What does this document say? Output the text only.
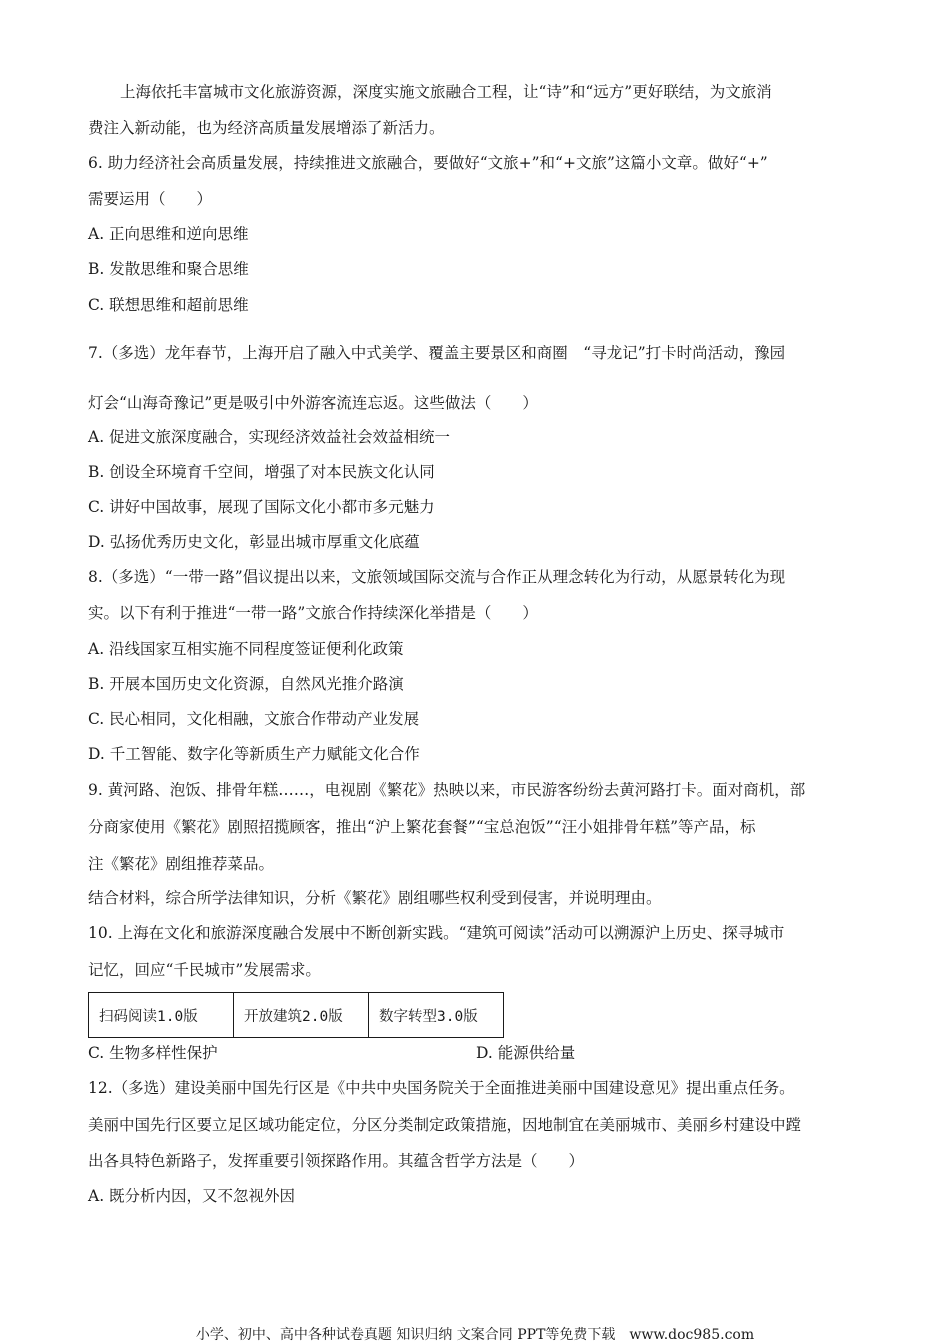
上海依托丰富城市文化旅游资源，深度实施文旅融合工程，让“诗”和“远方”更好联结，为文旅消
费注入新动能，也为经济高质量发展增添了新活力。
6. 助力经济社会高质量发展，持续推进文旅融合，要做好“文旅+”和“+文旅”这篇小文章。做好“+”
需要运用（　　）
A. 正向思维和逆向思维
B. 发散思维和聚合思维
C. 联想思维和超前思维
7.（多选）龙年春节，上海开启了融入中式美学、覆盖主要景区和商圈　“寻龙记”打卡时尚活动，豫园
灯会“山海奇豫记”更是吸引中外游客流连忘返。这些做法（　　）
A. 促进文旅深度融合，实现经济效益社会效益相统一
B. 创设全环境育千空间，增强了对本民族文化认同
C. 讲好中国故事，展现了国际文化小都市多元魅力
D. 弘扬优秀历史文化，彰显出城市厚重文化底蕴
8.（多选）“一带一路”倡议提出以来，文旅领域国际交流与合作正从理念转化为行动，从愿景转化为现
实。以下有利于推进“一带一路”文旅合作持续深化举措是（　　）
A. 沿线国家互相实施不同程度签证便利化政策
B. 开展本国历史文化资源，自然风光推介路演
C. 民心相同，文化相融，文旅合作带动产业发展
D. 千工智能、数字化等新质生产力赋能文化合作
9. 黄河路、泡饭、排骨年糕……，电视剧《繁花》热映以来，市民游客纷纷去黄河路打卡。面对商机，部
分商家使用《繁花》剧照招揽顾客，推出“沪上繁花套餐”“宝总泡饭”“汪小姐排骨年糕”等产品，标
注《繁花》剧组推荐菜品。
结合材料，综合所学法律知识，分析《繁花》剧组哪些权利受到侵害，并说明理由。
10. 上海在文化和旅游深度融合发展中不断创新实践。“建筑可阅读”活动可以溯源沪上历史、探寻城市
记忆，回应“千民城市”发展需求。
扫码阅读1.0版	开放建筑2.0版	数字转型3.0版
C. 生物多样性保护	D. 能源供给量
12.（多选）建设美丽中国先行区是《中共中央国务院关于全面推进美丽中国建设意见》提出重点任务。
美丽中国先行区要立足区域功能定位，分区分类制定政策措施，因地制宜在美丽城市、美丽乡村建设中蹚
出各具特色新路子，发挥重要引领探路作用。其蕴含哲学方法是（　　）
A. 既分析内因，又不忽视外因
小学、初中、高中各种试卷真题 知识归纳 文案合同 PPT等免费下载 www.doc985.com
